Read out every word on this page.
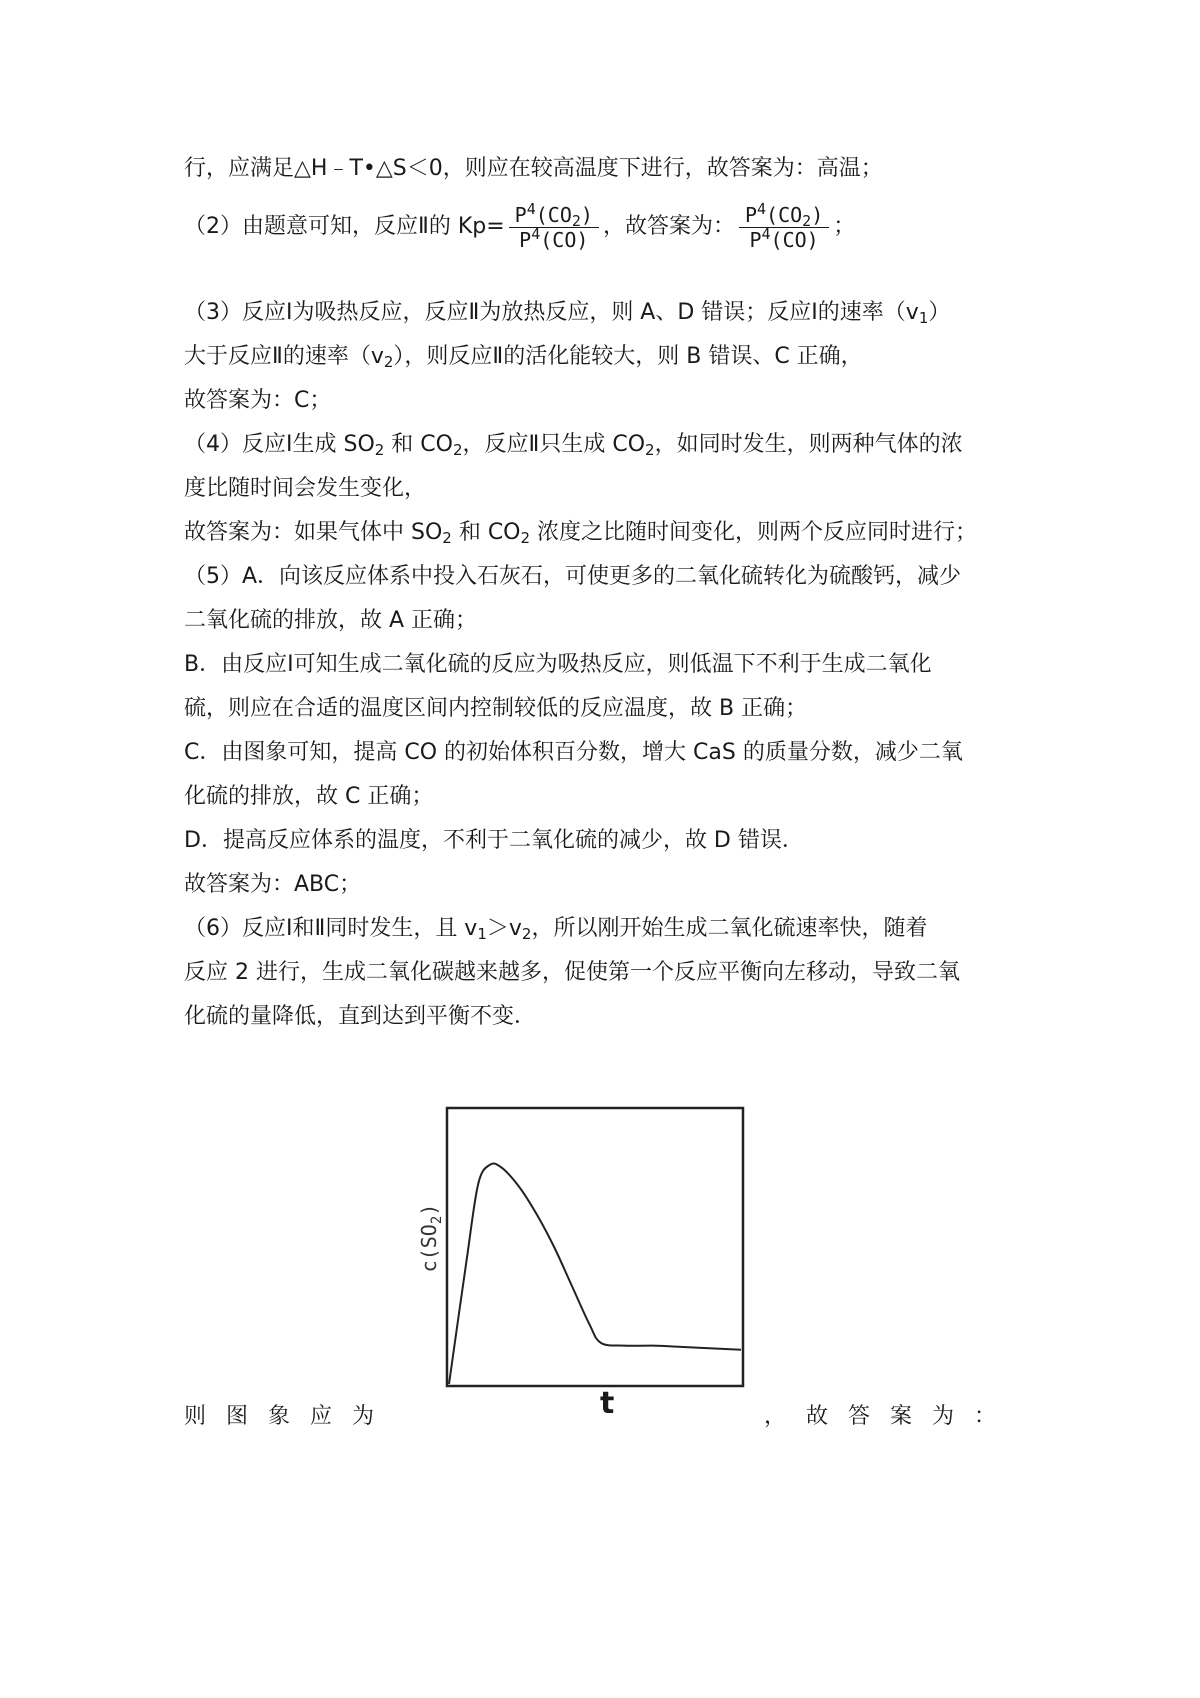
行，应满足△H﹣T•△S＜0，则应在较高温度下进行，故答案为：高温；
（2）由题意可知，反应Ⅱ的 $Kp= \frac{P^4(CO_2)}{P^4(CO)}$ ，故答案为： $\frac{P^4(CO_2)}{P^4(CO)}$ ；
（3）反应Ⅰ为吸热反应，反应Ⅱ为放热反应，则 A、D 错误；反应Ⅰ的速率$(v_1)$
大于反应Ⅱ的速率$(v_2)$，则反应Ⅱ的活化能较大，则 B 错误、C 正确，
故答案为：C；
（4）反应Ⅰ生成 $SO_2$ 和 $CO_2$，反应Ⅱ只生成 $CO_2$，如同时发生，则两种气体的浓
度比随时间会发生变化，
故答案为：如果气体中 $SO_2$ 和 $CO_2$ 浓度之比随时间变化，则两个反应同时进行；
（5）A．向该反应体系中投入石灰石，可使更多的二氧化硫转化为硫酸钙，减少
二氧化硫的排放，故 A 正确；
B．由反应Ⅰ可知生成二氧化硫的反应为吸热反应，则低温下不利于生成二氧化
硫，则应在合适的温度区间内控制较低的反应温度，故 B 正确；
C．由图象可知，提高 CO 的初始体积百分数，增大 CaS 的质量分数，减少二氧
化硫的排放，故 C 正确；
D．提高反应体系的温度，不利于二氧化硫的减少，故 D 错误．
故答案为：ABC；
（6）反应Ⅰ和Ⅱ同时发生，且 $v_1>v_2$，所以刚开始生成二氧化硫速率快，随着
反应 2 进行，生成二氧化碳越来越多，促使第一个反应平衡向左移动，导致二氧
化硫的量降低，直到达到平衡不变．
$c(SO_2)$
t
则图象应为	，故答案为：
